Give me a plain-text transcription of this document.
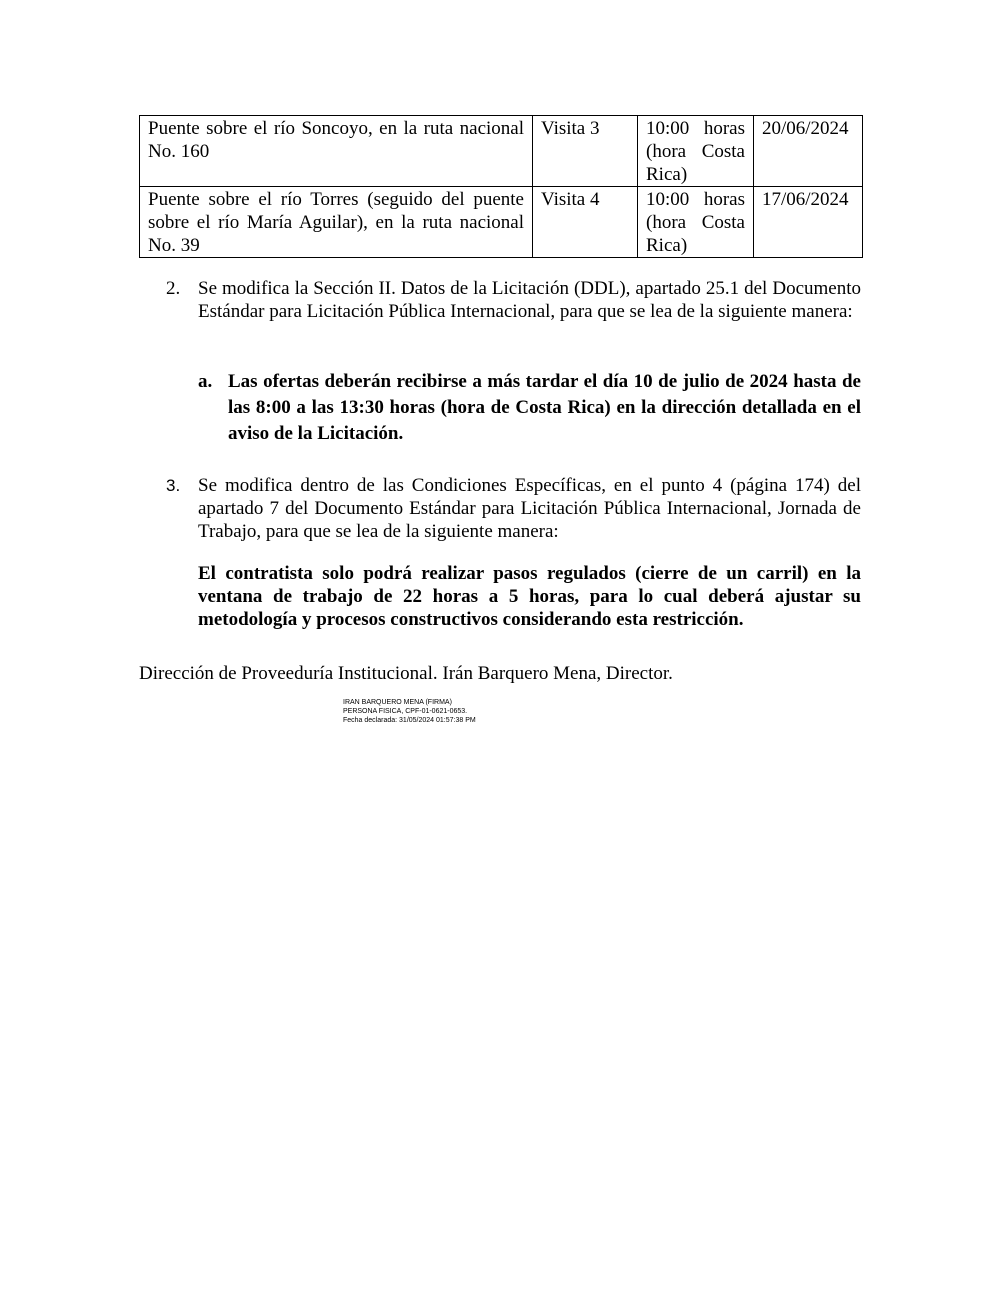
Puente sobre el río Soncoyo, en la ruta nacional No. 160	Visita 3	10:00 horas (hora Costa Rica)	20/06/2024
Puente sobre el río Torres (seguido del puente sobre el río María Aguilar), en la ruta nacional No. 39	Visita 4	10:00 horas (hora Costa Rica)	17/06/2024
2. Se modifica la Sección II. Datos de la Licitación (DDL), apartado 25.1 del Documento Estándar para Licitación Pública Internacional, para que se lea de la siguiente manera:
a. Las ofertas deberán recibirse a más tardar el día 10 de julio de 2024 hasta de las 8:00 a las 13:30 horas (hora de Costa Rica) en la dirección detallada en el aviso de la Licitación.
3. Se modifica dentro de las Condiciones Específicas, en el punto 4 (página 174) del apartado 7 del Documento Estándar para Licitación Pública Internacional, Jornada de Trabajo, para que se lea de la siguiente manera:
El contratista solo podrá realizar pasos regulados (cierre de un carril) en la ventana de trabajo de 22 horas a 5 horas, para lo cual deberá ajustar su metodología y procesos constructivos considerando esta restricción.
Dirección de Proveeduría Institucional. Irán Barquero Mena, Director.
IRAN BARQUERO MENA (FIRMA)
PERSONA FISICA, CPF-01-0621-0653.
Fecha declarada: 31/05/2024 01:57:38 PM
